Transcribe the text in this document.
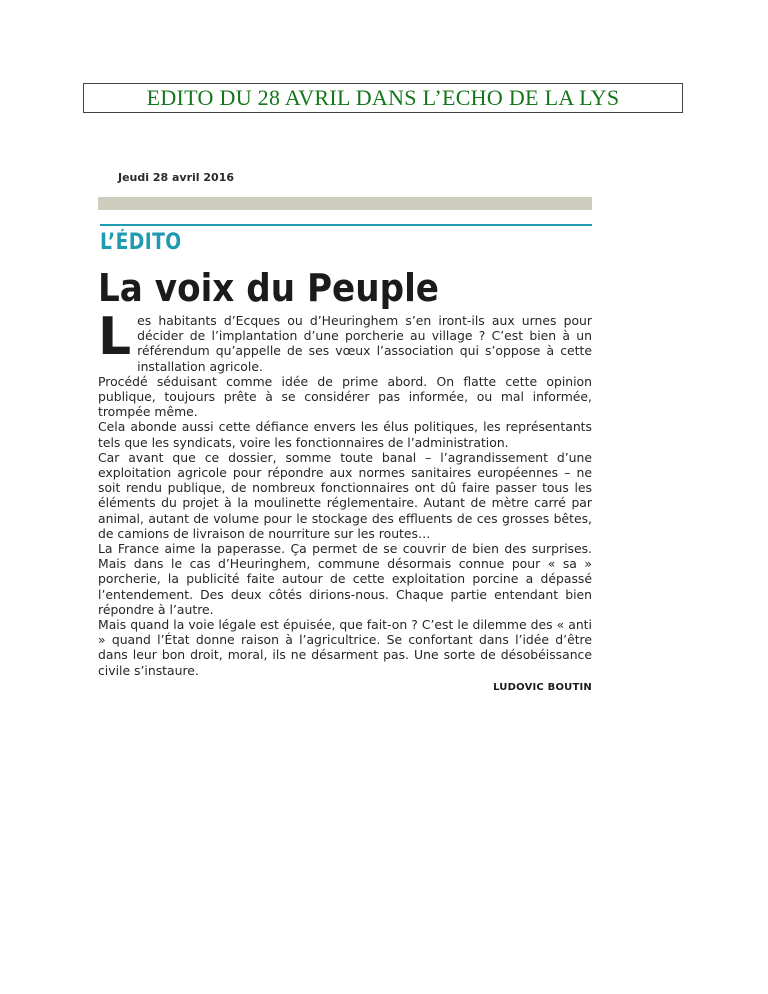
EDITO DU 28 AVRIL DANS L’ECHO DE LA LYS
Jeudi 28 avril 2016
L’ÉDITO
La voix du Peuple

Les habitants d’Ecques ou d’Heuringhem s’en iront-ils aux urnes pour décider de l’implantation d’une porcherie au village ? C’est bien à un référendum qu’appelle de ses vœux l’association qui s’oppose à cette installation agricole.

Procédé séduisant comme idée de prime abord. On flatte cette opinion publique, toujours prête à se considérer pas informée, ou mal informée, trompée même.

Cela abonde aussi cette défiance envers les élus politiques, les représentants tels que les syndicats, voire les fonctionnaires de l’administration.

Car avant que ce dossier, somme toute banal – l’agrandissement d’une exploitation agricole pour répondre aux normes sanitaires européennes – ne soit rendu publique, de nombreux fonctionnaires ont dû faire passer tous les éléments du projet à la moulinette réglementaire. Autant de mètre carré par animal, autant de volume pour le stockage des effluents de ces grosses bêtes, de camions de livraison de nourriture sur les routes…

La France aime la paperasse. Ça permet de se couvrir de bien des surprises. Mais dans le cas d’Heuringhem, commune désormais connue pour « sa » porcherie, la publicité faite autour de cette exploitation porcine a dépassé l’entendement. Des deux côtés dirions-nous. Chaque partie entendant bien répondre à l’autre.

Mais quand la voie légale est épuisée, que fait-on ? C’est le dilemme des « anti » quand l’État donne raison à l’agricultrice. Se confortant dans l’idée d’être dans leur bon droit, moral, ils ne désarment pas. Une sorte de désobéissance civile s’instaure.

LUDOVIC BOUTIN
